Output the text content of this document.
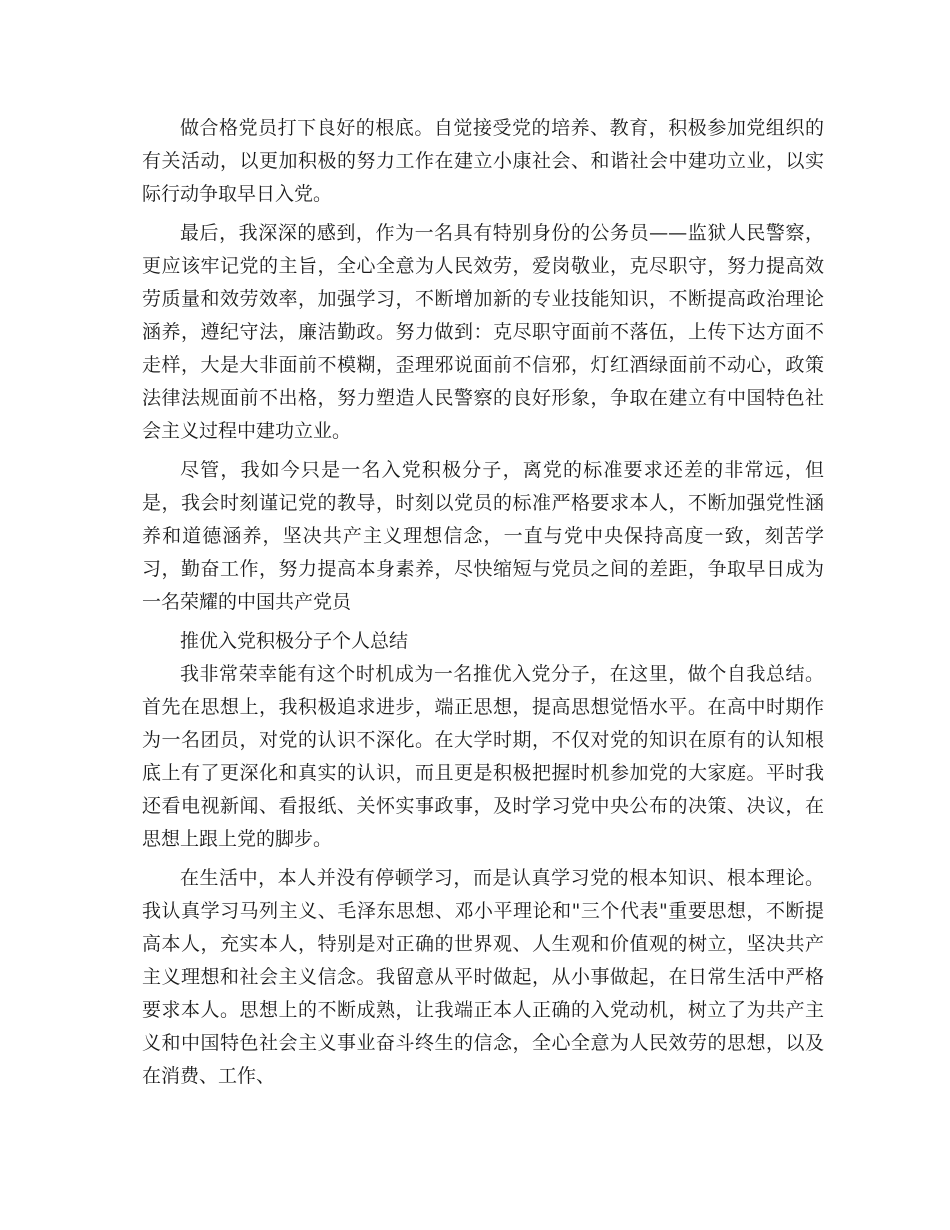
做合格党员打下良好的根底。自觉接受党的培养、教育，积极参加党组织的有关活动，以更加积极的努力工作在建立小康社会、和谐社会中建功立业，以实际行动争取早日入党。

最后，我深深的感到，作为一名具有特别身份的公务员——监狱人民警察，更应该牢记党的主旨，全心全意为人民效劳，爱岗敬业，克尽职守，努力提高效劳质量和效劳效率，加强学习，不断增加新的专业技能知识，不断提高政治理论涵养，遵纪守法，廉洁勤政。努力做到：克尽职守面前不落伍，上传下达方面不走样，大是大非面前不模糊，歪理邪说面前不信邪，灯红酒绿面前不动心，政策法律法规面前不出格，努力塑造人民警察的良好形象，争取在建立有中国特色社会主义过程中建功立业。

尽管，我如今只是一名入党积极分子，离党的标准要求还差的非常远，但是，我会时刻谨记党的教导，时刻以党员的标准严格要求本人，不断加强党性涵养和道德涵养，坚决共产主义理想信念，一直与党中央保持高度一致，刻苦学习，勤奋工作，努力提高本身素养，尽快缩短与党员之间的差距，争取早日成为一名荣耀的中国共产党员

推优入党积极分子个人总结

我非常荣幸能有这个时机成为一名推优入党分子，在这里，做个自我总结。首先在思想上，我积极追求进步，端正思想，提高思想觉悟水平。在高中时期作为一名团员，对党的认识不深化。在大学时期，不仅对党的知识在原有的认知根底上有了更深化和真实的认识，而且更是积极把握时机参加党的大家庭。平时我还看电视新闻、看报纸、关怀实事政事，及时学习党中央公布的决策、决议，在思想上跟上党的脚步。

在生活中，本人并没有停顿学习，而是认真学习党的根本知识、根本理论。我认真学习马列主义、毛泽东思想、邓小平理论和"三个代表"重要思想，不断提高本人，充实本人，特别是对正确的世界观、人生观和价值观的树立，坚决共产主义理想和社会主义信念。我留意从平时做起，从小事做起，在日常生活中严格要求本人。思想上的不断成熟，让我端正本人正确的入党动机，树立了为共产主义和中国特色社会主义事业奋斗终生的信念，全心全意为人民效劳的思想，以及在消费、工作、
